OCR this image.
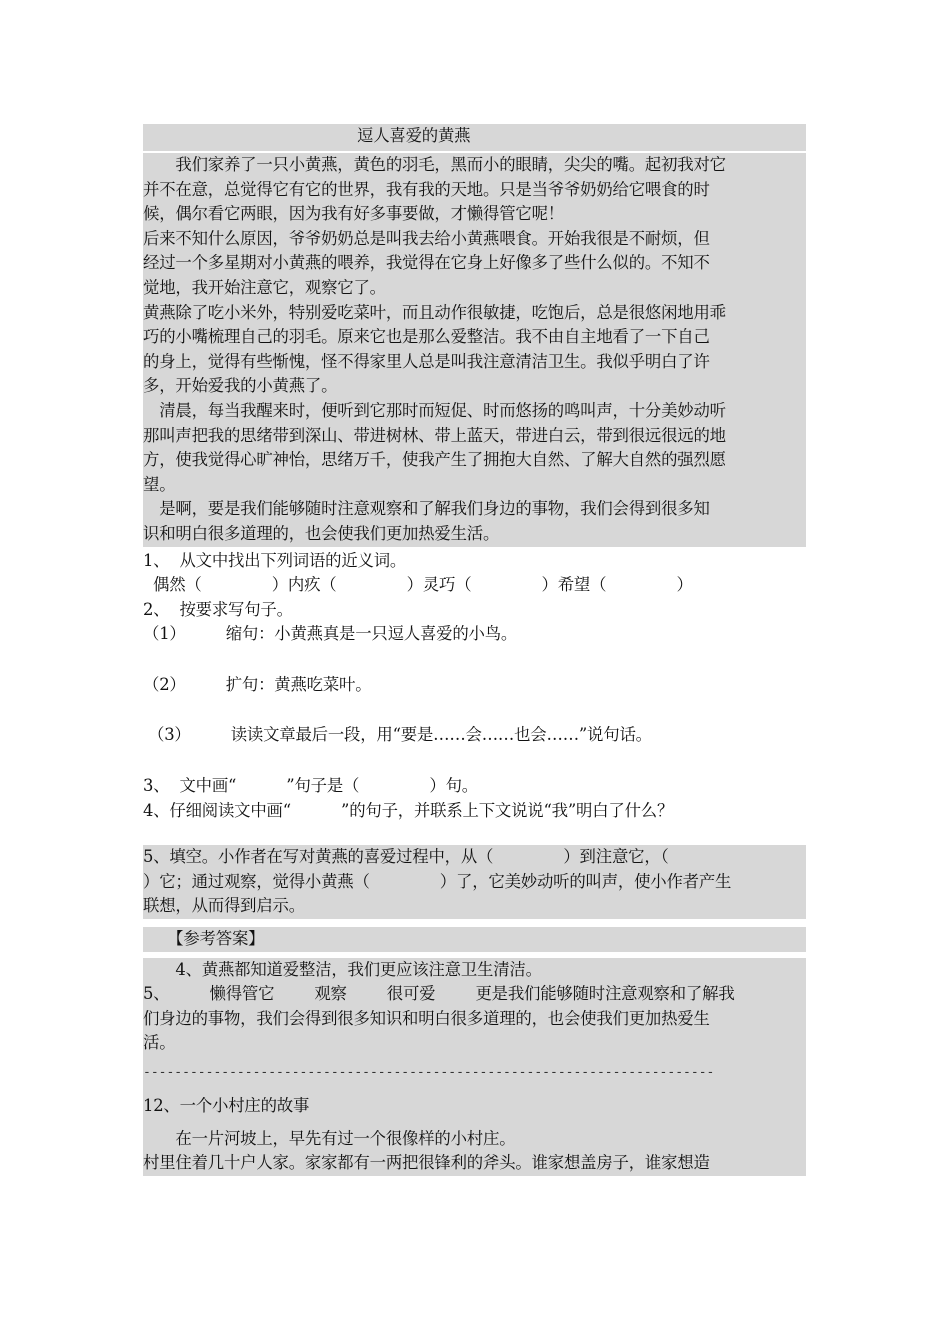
逗人喜爱的黄燕
　　我们家养了一只小黄燕，黄色的羽毛，黑而小的眼睛，尖尖的嘴。起初我对它
并不在意，总觉得它有它的世界，我有我的天地。只是当爷爷奶奶给它喂食的时
候，偶尔看它两眼，因为我有好多事要做，才懒得管它呢！
后来不知什么原因，爷爷奶奶总是叫我去给小黄燕喂食。开始我很是不耐烦，但
经过一个多星期对小黄燕的喂养，我觉得在它身上好像多了些什么似的。不知不
觉地，我开始注意它，观察它了。
黄燕除了吃小米外，特别爱吃菜叶，而且动作很敏捷，吃饱后，总是很悠闲地用乖
巧的小嘴梳理自己的羽毛。原来它也是那么爱整洁。我不由自主地看了一下自己
的身上，觉得有些惭愧，怪不得家里人总是叫我注意清洁卫生。我似乎明白了许
多，开始爱我的小黄燕了。
　清晨，每当我醒来时，便听到它那时而短促、时而悠扬的鸣叫声，十分美妙动听
那叫声把我的思绪带到深山、带进树林、带上蓝天，带进白云，带到很远很远的地
方，使我觉得心旷神怡，思绪万千，使我产生了拥抱大自然、了解大自然的强烈愿
望。
　是啊，要是我们能够随时注意观察和了解我们身边的事物，我们会得到很多知
识和明白很多道理的，也会使我们更加热爱生活。
1、  从文中找出下列词语的近义词。
偶然（              ）内疚（              ）灵巧（              ）希望（              ）
2、  按要求写句子。
（1）        缩句：小黄燕真是一只逗人喜爱的小鸟。
（2）        扩句：黄燕吃菜叶。
（3）        读读文章最后一段，用“要是……会……也会……”说句话。
3、  文中画“          ”句子是（              ）句。
4、仔细阅读文中画“          ”的句子，并联系上下文说说“我”明白了什么？
5、填空。小作者在写对黄燕的喜爱过程中，从（              ）到注意它，（
）它；通过观察，觉得小黄燕（              ）了，它美妙动听的叫声，使小作者产生
联想，从而得到启示。
　　【参考答案】
　　4、黄燕都知道爱整洁，我们更应该注意卫生清洁。
5、        懒得管它        观察        很可爱        更是我们能够随时注意观察和了解我
们身边的事物，我们会得到很多知识和明白很多道理的，也会使我们更加热爱生
活。
-------------------------------------------------------------------------
12、一个小村庄的故事
　　在一片河坡上，早先有过一个很像样的小村庄。
村里住着几十户人家。家家都有一两把很锋利的斧头。谁家想盖房子，谁家想造
